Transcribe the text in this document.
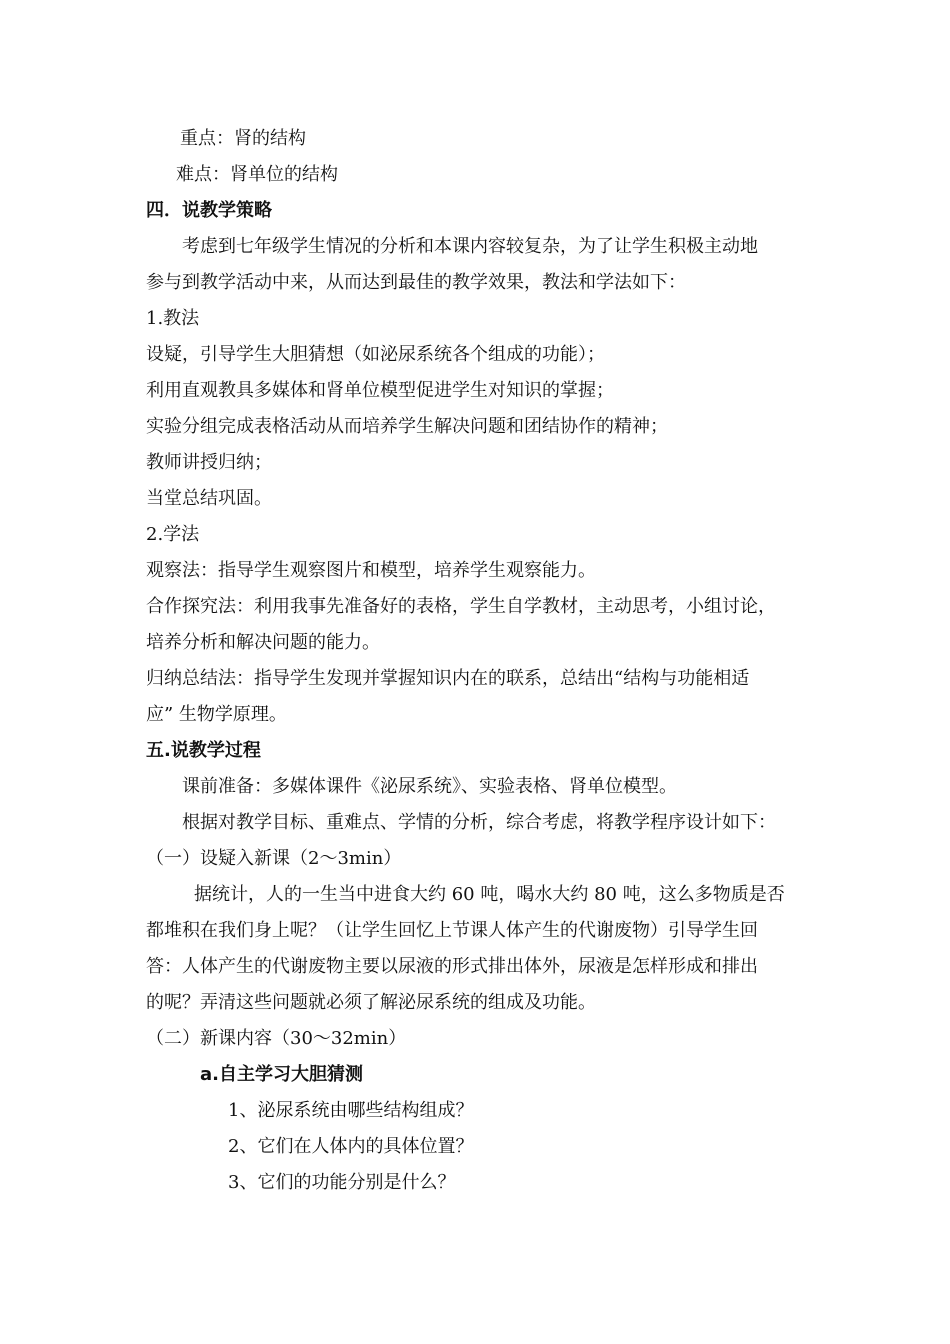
重点：肾的结构
难点：肾单位的结构
四．说教学策略
考虑到七年级学生情况的分析和本课内容较复杂，为了让学生积极主动地
参与到教学活动中来，从而达到最佳的教学效果，教法和学法如下：
1.教法
设疑，引导学生大胆猜想（如泌尿系统各个组成的功能）；
利用直观教具多媒体和肾单位模型促进学生对知识的掌握；
实验分组完成表格活动从而培养学生解决问题和团结协作的精神；
教师讲授归纳；
当堂总结巩固。
2.学法
观察法：指导学生观察图片和模型，培养学生观察能力。
合作探究法：利用我事先准备好的表格，学生自学教材，主动思考，小组讨论，
培养分析和解决问题的能力。
归纳总结法：指导学生发现并掌握知识内在的联系，总结出“结构与功能相适
应” 生物学原理。
五.说教学过程
课前准备：多媒体课件《泌尿系统》、实验表格、肾单位模型。
根据对教学目标、重难点、学情的分析，综合考虑，将教学程序设计如下：
（一）设疑入新课（2～3min）
据统计，人的一生当中进食大约 60 吨，喝水大约 80 吨，这么多物质是否
都堆积在我们身上呢？（让学生回忆上节课人体产生的代谢废物）引导学生回
答：人体产生的代谢废物主要以尿液的形式排出体外，尿液是怎样形成和排出
的呢？弄清这些问题就必须了解泌尿系统的组成及功能。
（二）新课内容（30～32min）
a.自主学习大胆猜测
1、泌尿系统由哪些结构组成？
2、它们在人体内的具体位置？
3、它们的功能分别是什么？
